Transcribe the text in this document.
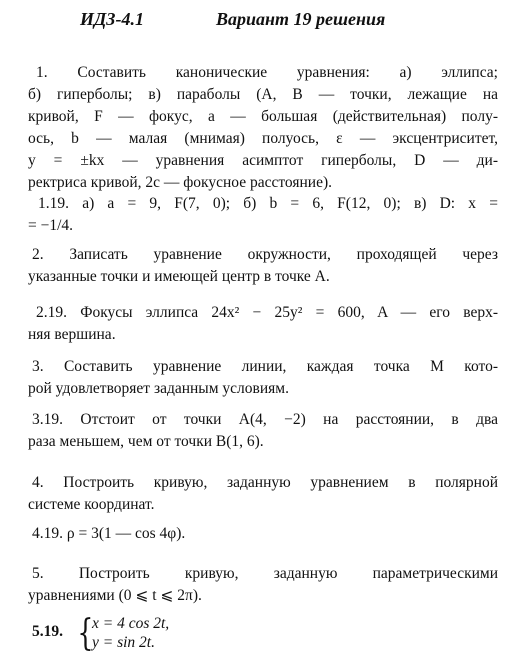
ИДЗ-4.1	Вариант 19 решения
1. Составить канонические уравнения: а) эллипса;
б) гиперболы; в) параболы (A, B — точки, лежащие на
кривой, F — фокус, a — большая (действительная) полу-
ось, b — малая (мнимая) полуось, ε — эксцентриситет,
y = ±kx — уравнения асимптот гиперболы, D — ди-
ректриса кривой, 2c — фокусное расстояние).
1.19. а) a = 9, F(7, 0); б) b = 6, F(12, 0); в) D: x =
= −1/4.
2. Записать уравнение окружности, проходящей через
указанные точки и имеющей центр в точке A.
2.19. Фокусы эллипса 24x² − 25y² = 600, A — его верх-
няя вершина.
3. Составить уравнение линии, каждая точка M кото-
рой удовлетворяет заданным условиям.
3.19. Отстоит от точки A(4, −2) на расстоянии, в два
раза меньшем, чем от точки B(1, 6).
4. Построить кривую, заданную уравнением в полярной
системе координат.
4.19. ρ = 3(1 — cos 4φ).
5. Построить кривую, заданную параметрическими
уравнениями (0 ⩽ t ⩽ 2π).
5.19. {
x = 4 cos 2t,
y = sin 2t.
